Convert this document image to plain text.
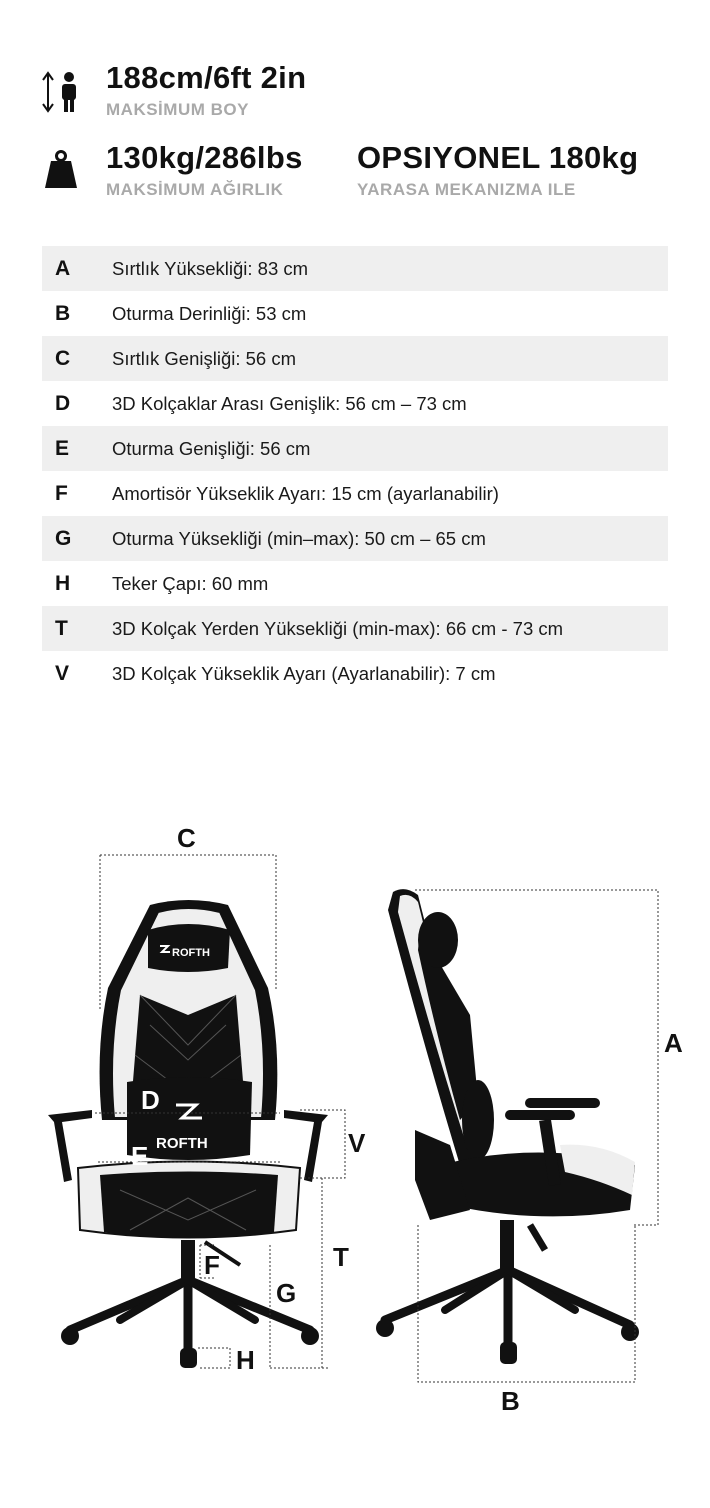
188cm/6ft 2in
MAKSİMUM BOY
130kg/286lbs
MAKSİMUM AĞIRLIK
OPSIYONEL 180kg
YARASA MEKANIZMA ILE
A	Sırtlık Yüksekliği: 83 cm
B	Oturma Derinliği: 53 cm
C	Sırtlık Genişliği: 56 cm
D	3D Kolçaklar Arası Genişlik: 56 cm – 73 cm
E	Oturma Genişliği: 56 cm
F	Amortisör Yükseklik Ayarı: 15 cm (ayarlanabilir)
G	Oturma Yüksekliği (min–max): 50 cm – 65 cm
H	Teker Çapı: 60 mm
T	3D Kolçak Yerden Yüksekliği (min-max): 66 cm - 73 cm
V	3D Kolçak Yükseklik Ayarı (Ayarlanabilir): 7 cm
ROFTH
ROFTH
C
D
E	V
T
F
G
H
A
B
